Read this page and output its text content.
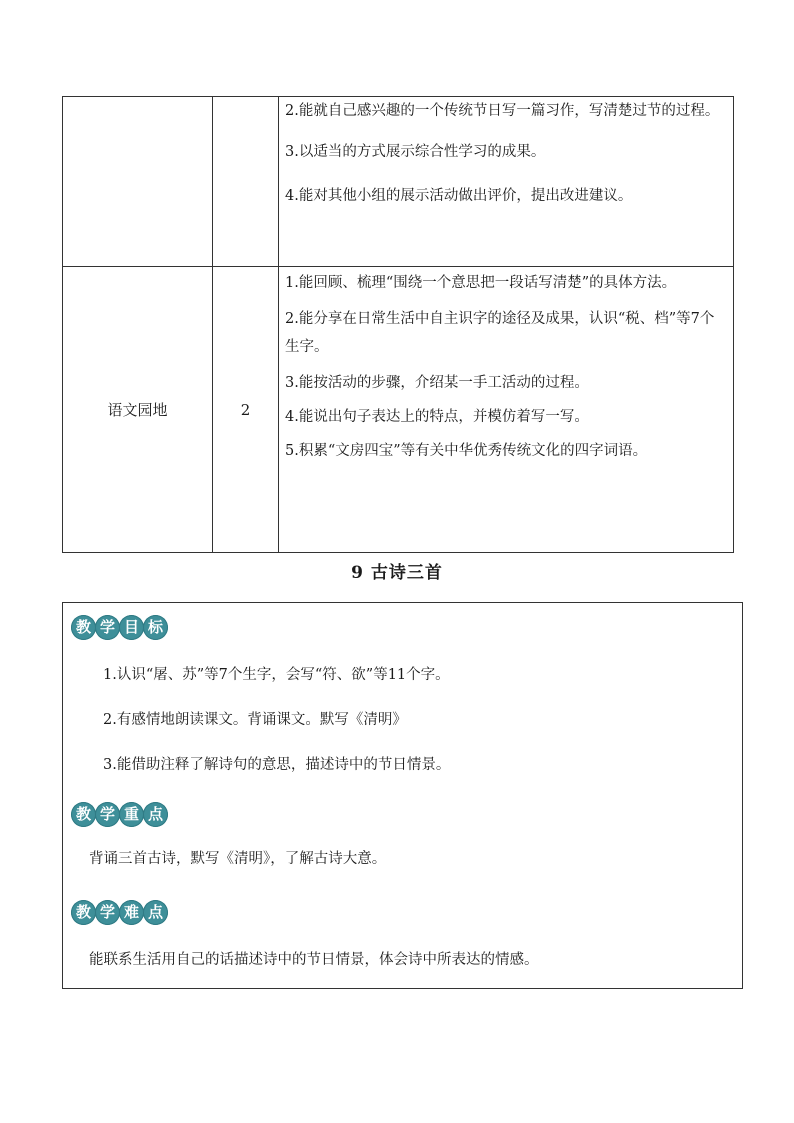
		2.能就自己感兴趣的一个传统节日写一篇习作，写清楚过节的过程。

3.以适当的方式展示综合性学习的成果。

4.能对其他小组的展示活动做出评价，提出改进建议。

语文园地	2	1.能回顾、梳理“围绕一个意思把一段话写清楚”的具体方法。

2.能分享在日常生活中自主识字的途径及成果，认识“税、档”等7个生字。

3.能按活动的步骤，介绍某一手工活动的过程。

4.能说出句子表达上的特点，并模仿着写一写。

5.积累“文房四宝”等有关中华优秀传统文化的四字词语。

9 古诗三首
教 学 目 标
1.认识“屠、苏”等7个生字，会写“符、欲”等11个字。
2.有感情地朗读课文。背诵课文。默写《清明》
3.能借助注释了解诗句的意思，描述诗中的节日情景。
教 学 重 点
背诵三首古诗，默写《清明》，了解古诗大意。
教 学 难 点
能联系生活用自己的话描述诗中的节日情景，体会诗中所表达的情感。
